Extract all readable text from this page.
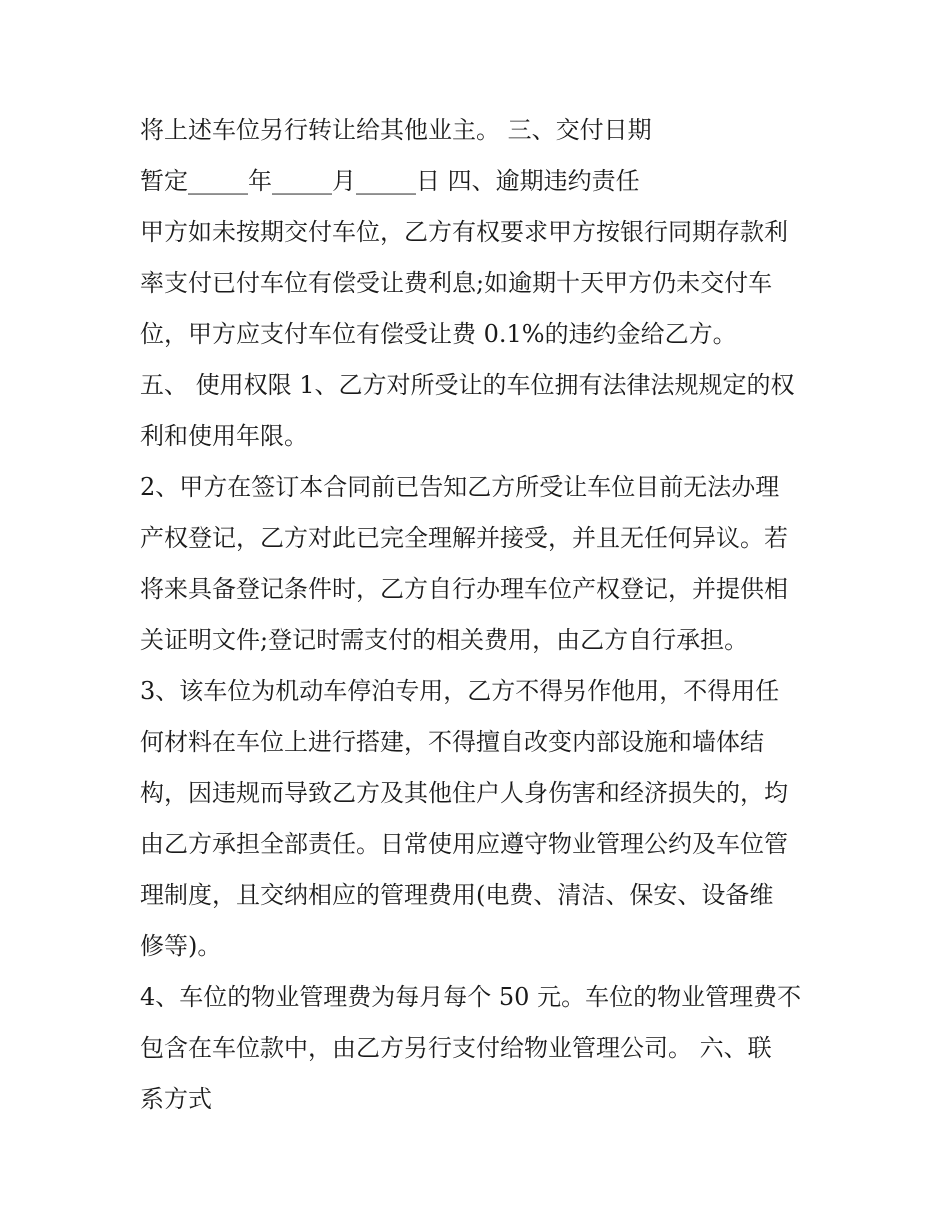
将上述车位另行转让给其他业主。 三、交付日期
暂定_____年_____月_____日 四、逾期违约责任
甲方如未按期交付车位，乙方有权要求甲方按银行同期存款利
率支付已付车位有偿受让费利息;如逾期十天甲方仍未交付车
位，甲方应支付车位有偿受让费 0.1%的违约金给乙方。
五、 使用权限 1、乙方对所受让的车位拥有法律法规规定的权
利和使用年限。
2、甲方在签订本合同前已告知乙方所受让车位目前无法办理
产权登记，乙方对此已完全理解并接受，并且无任何异议。若
将来具备登记条件时，乙方自行办理车位产权登记，并提供相
关证明文件;登记时需支付的相关费用，由乙方自行承担。
3、该车位为机动车停泊专用，乙方不得另作他用，不得用任
何材料在车位上进行搭建，不得擅自改变内部设施和墙体结
构，因违规而导致乙方及其他住户人身伤害和经济损失的，均
由乙方承担全部责任。日常使用应遵守物业管理公约及车位管
理制度，且交纳相应的管理费用(电费、清洁、保安、设备维
修等)。
4、车位的物业管理费为每月每个 50 元。车位的物业管理费不
包含在车位款中，由乙方另行支付给物业管理公司。 六、联
系方式
